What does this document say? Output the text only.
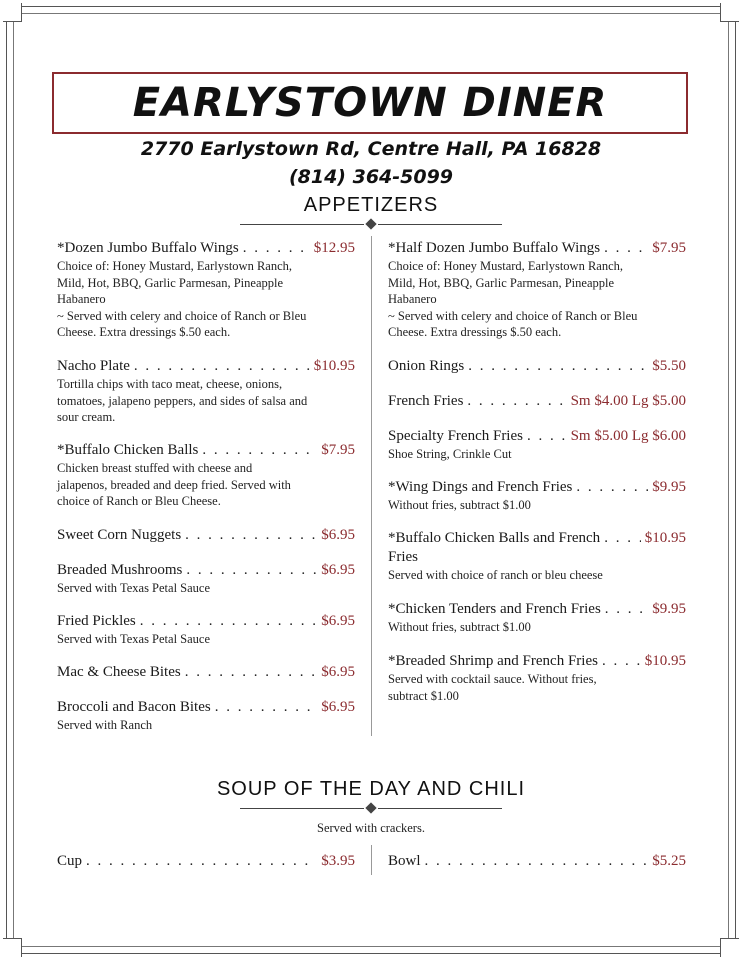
EARLYSTOWN DINER
2770 Earlystown Rd, Centre Hall, PA 16828
(814) 364-5099
APPETIZERS
*Dozen Jumbo Buffalo Wings . . .	$12.95
Choice of: Honey Mustard, Earlystown Ranch,
Mild, Hot, BBQ, Garlic Parmesan, Pineapple
Habanero
~ Served with celery and choice of Ranch or Bleu
Cheese. Extra dressings $.50 each.
Nacho Plate . . .	$10.95
Tortilla chips with taco meat, cheese, onions,
tomatoes, jalapeno peppers, and sides of salsa and
sour cream.
*Buffalo Chicken Balls . . .	$7.95
Chicken breast stuffed with cheese and
jalapenos, breaded and deep fried. Served with
choice of Ranch or Bleu Cheese.
Sweet Corn Nuggets . . .	$6.95
Breaded Mushrooms . . .	$6.95
Served with Texas Petal Sauce
Fried Pickles . . .	$6.95
Served with Texas Petal Sauce
Mac & Cheese Bites . . .	$6.95
Broccoli and Bacon Bites . . .	$6.95
Served with Ranch
*Half Dozen Jumbo Buffalo Wings . . .	$7.95
Choice of: Honey Mustard, Earlystown Ranch,
Mild, Hot, BBQ, Garlic Parmesan, Pineapple
Habanero
~ Served with celery and choice of Ranch or Bleu
Cheese. Extra dressings $.50 each.
Onion Rings . . .	$5.50
French Fries . . .	Sm $4.00 Lg $5.00
Specialty French Fries . . .	Sm $5.00 Lg $6.00
Shoe String, Crinkle Cut
*Wing Dings and French Fries . . .	$9.95
Without fries, subtract $1.00
*Buffalo Chicken Balls and French . . .	$10.95
Fries
Served with choice of ranch or bleu cheese
*Chicken Tenders and French Fries . . .	$9.95
Without fries, subtract $1.00
*Breaded Shrimp and French Fries . . .	$10.95
Served with cocktail sauce. Without fries,
subtract $1.00
SOUP OF THE DAY AND CHILI
Served with crackers.
Cup . . .	$3.95 Bowl . . .	$5.25
